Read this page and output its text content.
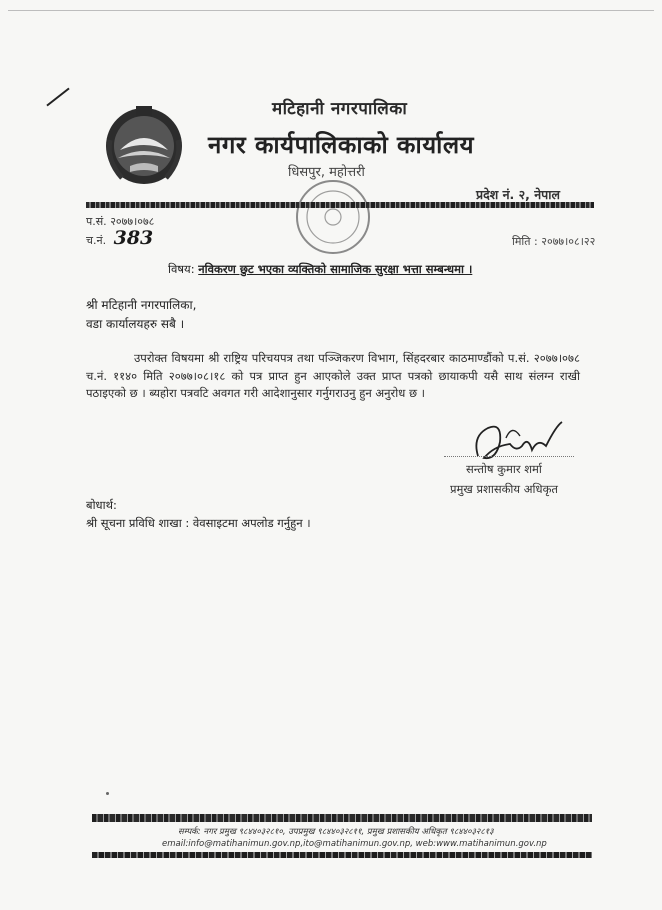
मटिहानी नगरपालिका
नगर कार्यपालिकाको कार्यालय
धिसपुर, महोत्तरी
प्रदेश नं. २, नेपाल
प.सं. २०७७।०७८
च.नं. 383	मिति : २०७७।०८।२२
विषय: नविकरण छुट भएका व्यक्तिको सामाजिक सुरक्षा भत्ता सम्बन्धमा ।
श्री मटिहानी नगरपालिका,
वडा कार्यालयहरु सबै ।
उपरोक्त विषयमा श्री राष्ट्रिय परिचयपत्र तथा पञ्जिकरण विभाग, सिंहदरबार काठमाण्डौंको प.सं. २०७७।०७८ च.नं. ११४० मिति २०७७।०८।१८ को पत्र प्राप्त हुन आएकोले उक्त प्राप्त पत्रको छायाकपी यसै साथ संलग्न राखी पठाइएको छ । ब्यहोरा पत्रवटि अवगत गरी आदेशानुसार गर्नुगराउनु हुन अनुरोध छ ।
सन्तोष कुमार शर्मा
प्रमुख प्रशासकीय अधिकृत
बोधार्थ:
श्री सूचना प्रविधि शाखा : वेवसाइटमा अपलोड गर्नुहुन ।
सम्पर्क: नगर प्रमुख ९८४४०३२८१०, उपप्रमुख ९८४४०३२८११, प्रमुख प्रशासकीय अधिकृत ९८४४०३२८१३
email:info@matihanimun.gov.np,ito@matihanimun.gov.np, web:www.matihanimun.gov.np
